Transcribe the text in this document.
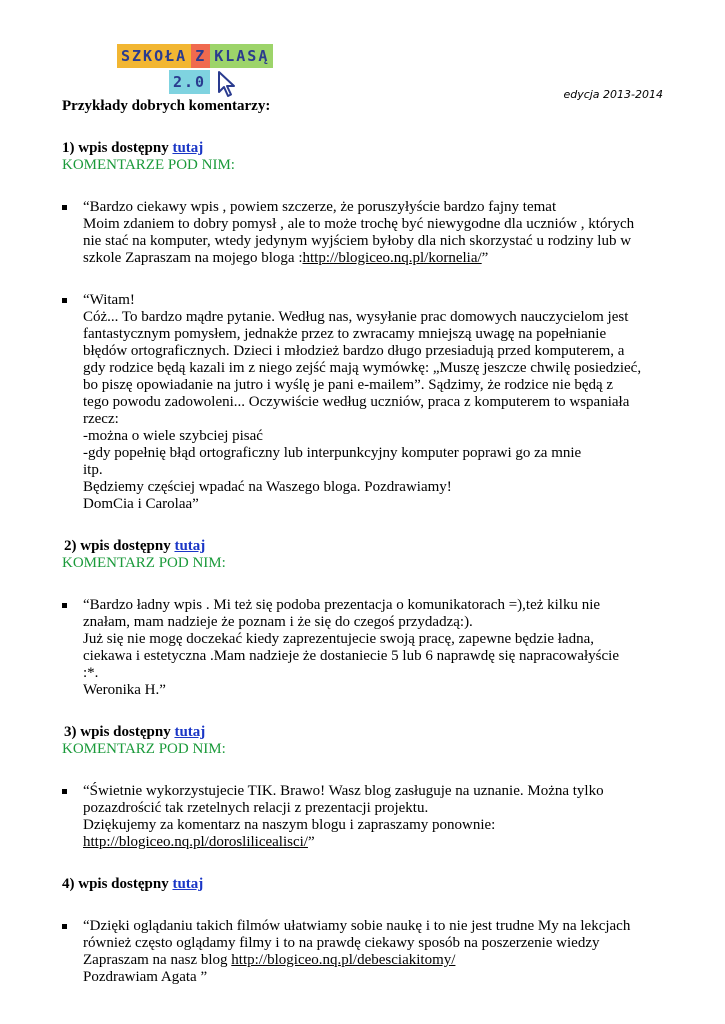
SZKOŁA Z KLASĄ
2.0
edycja 2013-2014

Przykłady dobrych komentarzy:

1) wpis dostępny tutaj

KOMENTARZE POD NIM:

“Bardzo ciekawy wpis , powiem szczerze, że poruszyłyście bardzo fajny temat

Moim zdaniem to dobry pomysł , ale to może trochę być niewygodne dla uczniów , których

nie stać na komputer, wtedy jedynym wyjściem byłoby dla nich skorzystać u rodziny lub w

szkole Zapraszam na mojego bloga :http://blogiceo.nq.pl/kornelia/”

“Witam!

Cóż... To bardzo mądre pytanie. Według nas, wysyłanie prac domowych nauczycielom jest

fantastycznym pomysłem, jednakże przez to zwracamy mniejszą uwagę na popełnianie

błędów ortograficznych. Dzieci i młodzież bardzo długo przesiadują przed komputerem, a

gdy rodzice będą kazali im z niego zejść mają wymówkę: „Muszę jeszcze chwilę posiedzieć,

bo piszę opowiadanie na jutro i wyślę je pani e-mailem”. Sądzimy, że rodzice nie będą z

tego powodu zadowoleni... Oczywiście według uczniów, praca z komputerem to wspaniała

rzecz:

-można o wiele szybciej pisać

-gdy popełnię błąd ortograficzny lub interpunkcyjny komputer poprawi go za mnie

itp.

Będziemy częściej wpadać na Waszego bloga. Pozdrawiamy!

DomCia i Carolaa”

2) wpis dostępny tutaj

KOMENTARZ POD NIM:

“Bardzo ładny wpis . Mi też się podoba prezentacja o komunikatorach =),też kilku nie

znałam, mam nadzieje że poznam i że się do czegoś przydadzą:).

Już się nie mogę doczekać kiedy zaprezentujecie swoją pracę, zapewne będzie ładna,

ciekawa i estetyczna .Mam nadzieje że dostaniecie 5 lub 6 naprawdę się napracowałyście

:*.

Weronika H.”

3) wpis dostępny tutaj

KOMENTARZ POD NIM:

“Świetnie wykorzystujecie TIK. Brawo! Wasz blog zasługuje na uznanie. Można tylko

pozazdrościć tak rzetelnych relacji z prezentacji projektu.

Dziękujemy za komentarz na naszym blogu i zapraszamy ponownie:

http://blogiceo.nq.pl/doroslilicealisci/”

4) wpis dostępny tutaj

“Dzięki oglądaniu takich filmów ułatwiamy sobie naukę i to nie jest trudne My na lekcjach

również często oglądamy filmy i to na prawdę ciekawy sposób na poszerzenie wiedzy

Zapraszam na nasz blog http://blogiceo.nq.pl/debesciakitomy/

Pozdrawiam Agata ”
